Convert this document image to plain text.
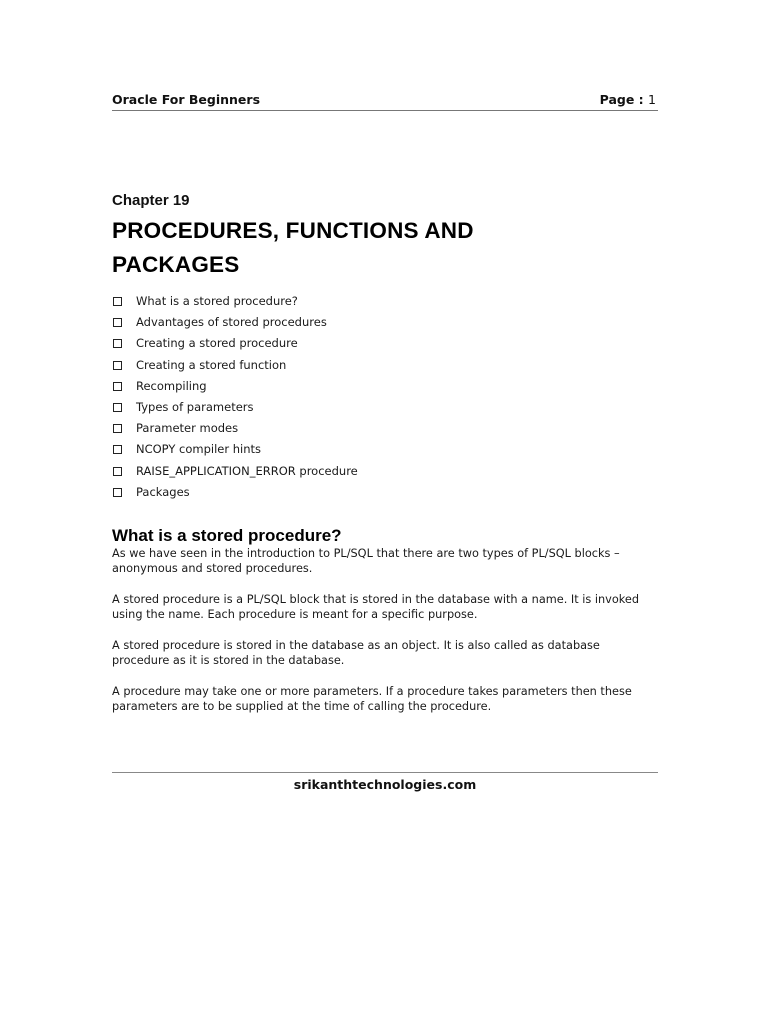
Oracle For Beginners	Page : 1
Chapter 19
PROCEDURES, FUNCTIONS AND
PACKAGES
What is a stored procedure?
Advantages of stored procedures
Creating a stored procedure
Creating a stored function
Recompiling
Types of parameters
Parameter modes
NCOPY compiler hints
RAISE_APPLICATION_ERROR procedure
Packages
What is a stored procedure?

As we have seen in the introduction to PL/SQL that there are two types of PL/SQL blocks – anonymous and stored procedures.

A stored procedure is a PL/SQL block that is stored in the database with a name. It is invoked using the name. Each procedure is meant for a specific purpose.

A stored procedure is stored in the database as an object. It is also called as database procedure as it is stored in the database.

A procedure may take one or more parameters. If a procedure takes parameters then these parameters are to be supplied at the time of calling the procedure.

srikanthtechnologies.com
